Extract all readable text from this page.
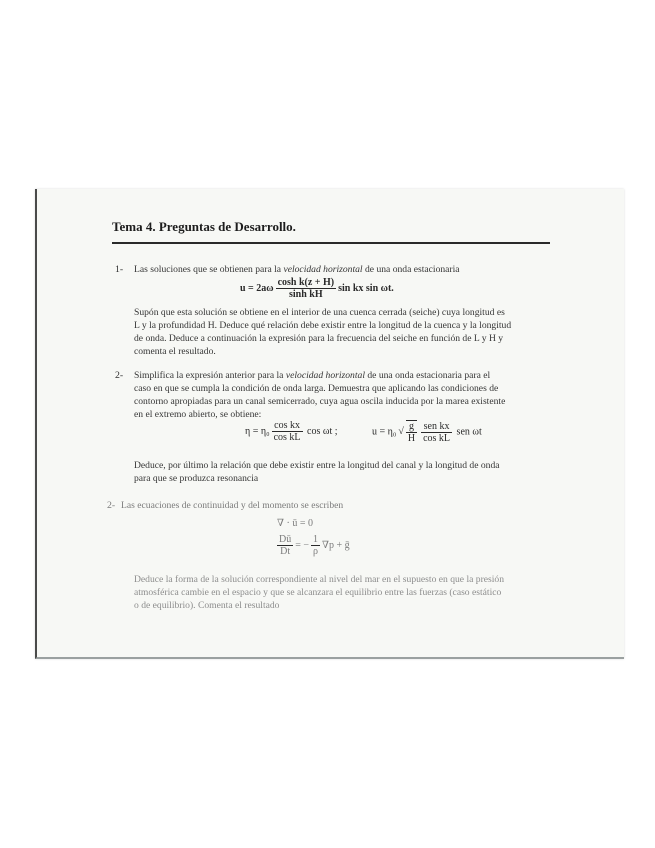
Tema 4. Preguntas de Desarrollo.
1- Las soluciones que se obtienen para la velocidad horizontal de una onda estacionaria

$u = 2a\omega \frac{\text{cosh k(z + H)}}{\text{sinh kH}}$ sin kx sin ωt.

Supón que esta solución se obtiene en el interior de una cuenca cerrada (seiche) cuya longitud es

L y la profundidad H. Deduce qué relación debe existir entre la longitud de la cuenca y la longitud

de onda. Deduce a continuación la expresión para la frecuencia del seiche en función de L y H y

comenta el resultado.

2- Simplifica la expresión anterior para la velocidad horizontal de una onda estacionaria para el

caso en que se cumpla la condición de onda larga. Demuestra que aplicando las condiciones de

contorno apropiadas para un canal semicerrado, cuya agua oscila inducida por la marea existente

en el extremo abierto, se obtiene:

$\eta = \eta_0 \frac{\text{cos kx}}{\text{cos kL}}$ cos ωt ;	u = η₀ √ $\frac{g}{H} \frac{\text{sen kx}}{\text{cos kL}}$ sen ωt

Deduce, por último la relación que debe existir entre la longitud del canal y la longitud de onda

para que se produzca resonancia

2- Las ecuaciones de continuidad y del momento se escriben

∇ · ū = 0
$\frac{Dū}{Dt}$ = − $\frac{1}{\rho} \nabla p$ + ḡ

Deduce la forma de la solución correspondiente al nivel del mar en el supuesto en que la presión

atmosférica cambie en el espacio y que se alcanzara el equilibrio entre las fuerzas (caso estático

o de equilibrio). Comenta el resultado
